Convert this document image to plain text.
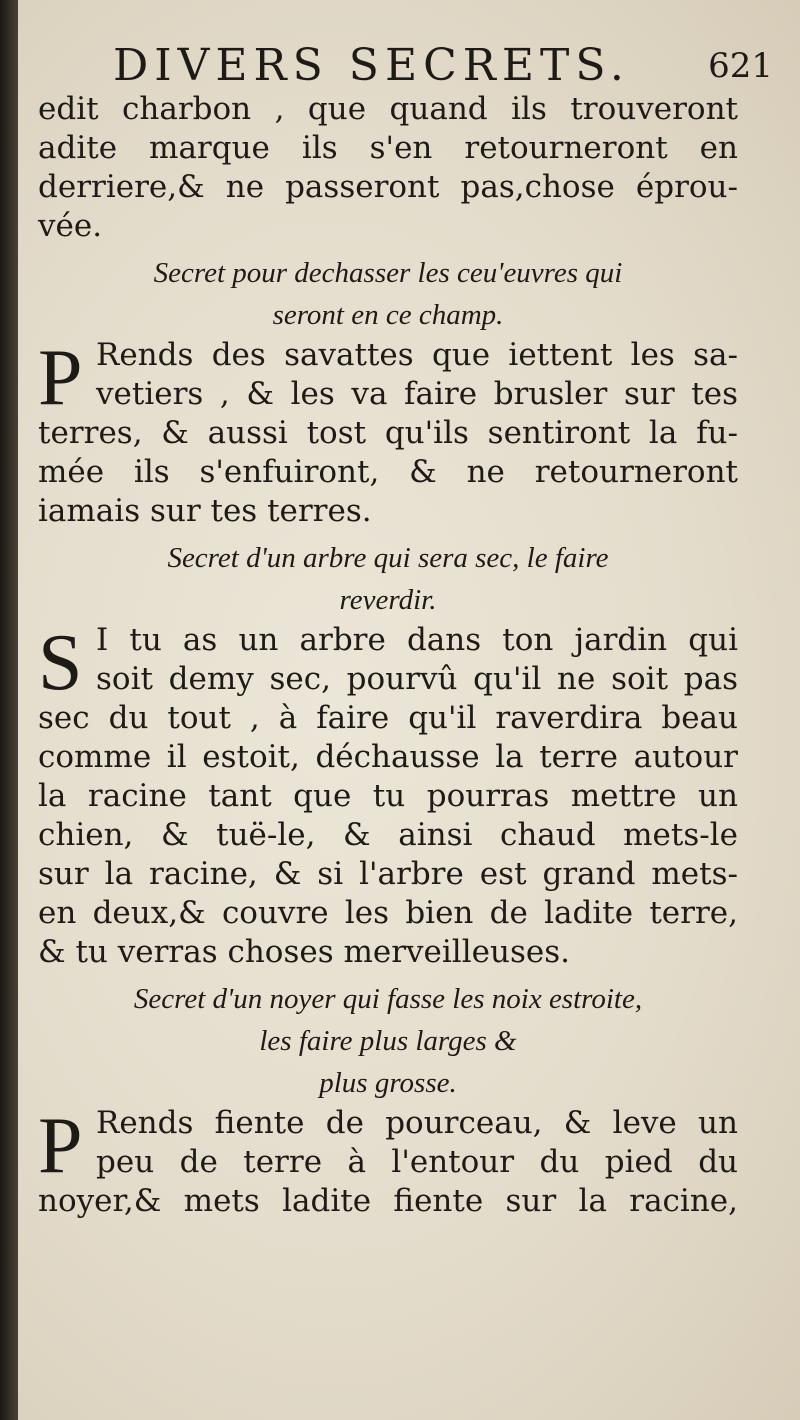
DIVERS SECRETS. 621
edit charbon , que quand ils trouveront
adite marque ils s'en retourneront en
derriere,& ne passeront pas,chose éprou-
vée.
Secret pour dechasser les ceu'euvres qui
seront en ce champ.
P Rends des savattes que iettent les sa-
vetiers , & les va faire brusler sur tes
terres, & aussi tost qu'ils sentiront la fu-
mée ils s'enfuiront, & ne retourneront
iamais sur tes terres.
Secret d'un arbre qui sera sec, le faire
reverdir.
S I tu as un arbre dans ton jardin qui
soit demy sec, pourvû qu'il ne soit pas
sec du tout , à faire qu'il raverdira beau
comme il estoit, déchausse la terre autour
la racine tant que tu pourras mettre un
chien, & tuë-le, & ainsi chaud mets-le
sur la racine, & si l'arbre est grand mets-
en deux,& couvre les bien de ladite terre,
& tu verras choses merveilleuses.
Secret d'un noyer qui fasse les noix estroite,
les faire plus larges &
plus grosse.
P Rends fiente de pourceau, & leve un
peu de terre à l'entour du pied du
noyer,& mets ladite fiente sur la racine,
